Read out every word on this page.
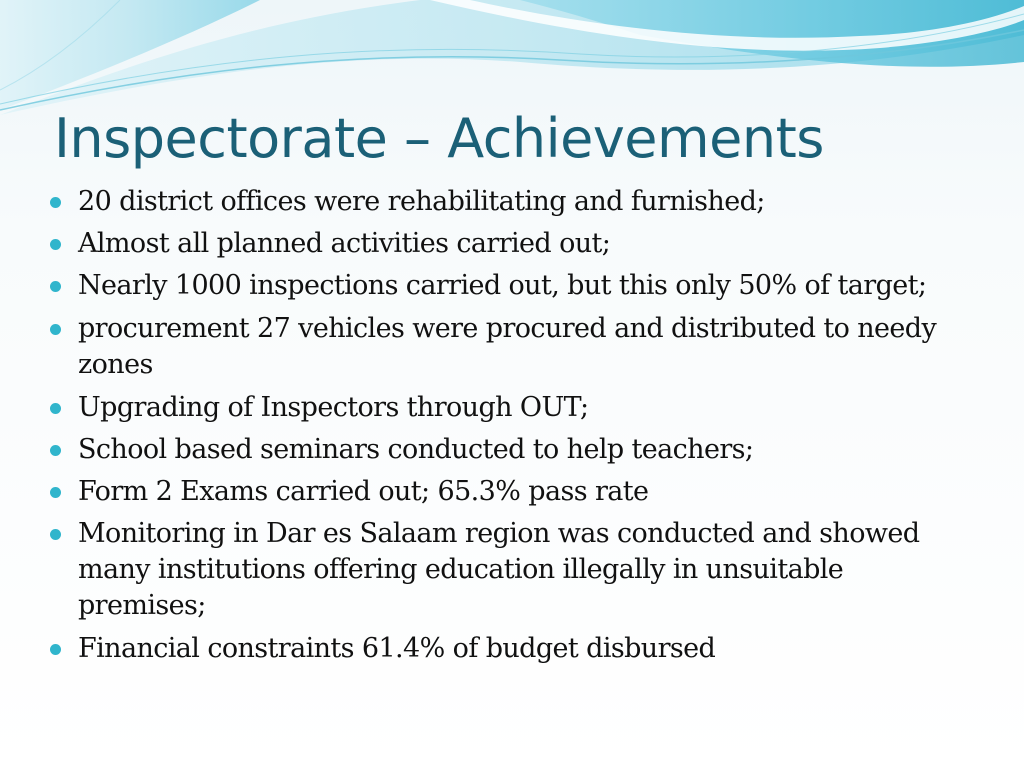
Inspectorate – Achievements
20 district offices were rehabilitating and furnished;
Almost all planned activities carried out;
Nearly 1000 inspections carried out, but this only 50% of target;
procurement 27 vehicles were procured and distributed to needy zones
Upgrading of Inspectors through OUT;
School based seminars conducted to help teachers;
Form 2 Exams carried out; 65.3% pass rate
Monitoring in Dar es Salaam region was conducted and showed many institutions offering education illegally in unsuitable premises;
Financial constraints 61.4% of budget disbursed
